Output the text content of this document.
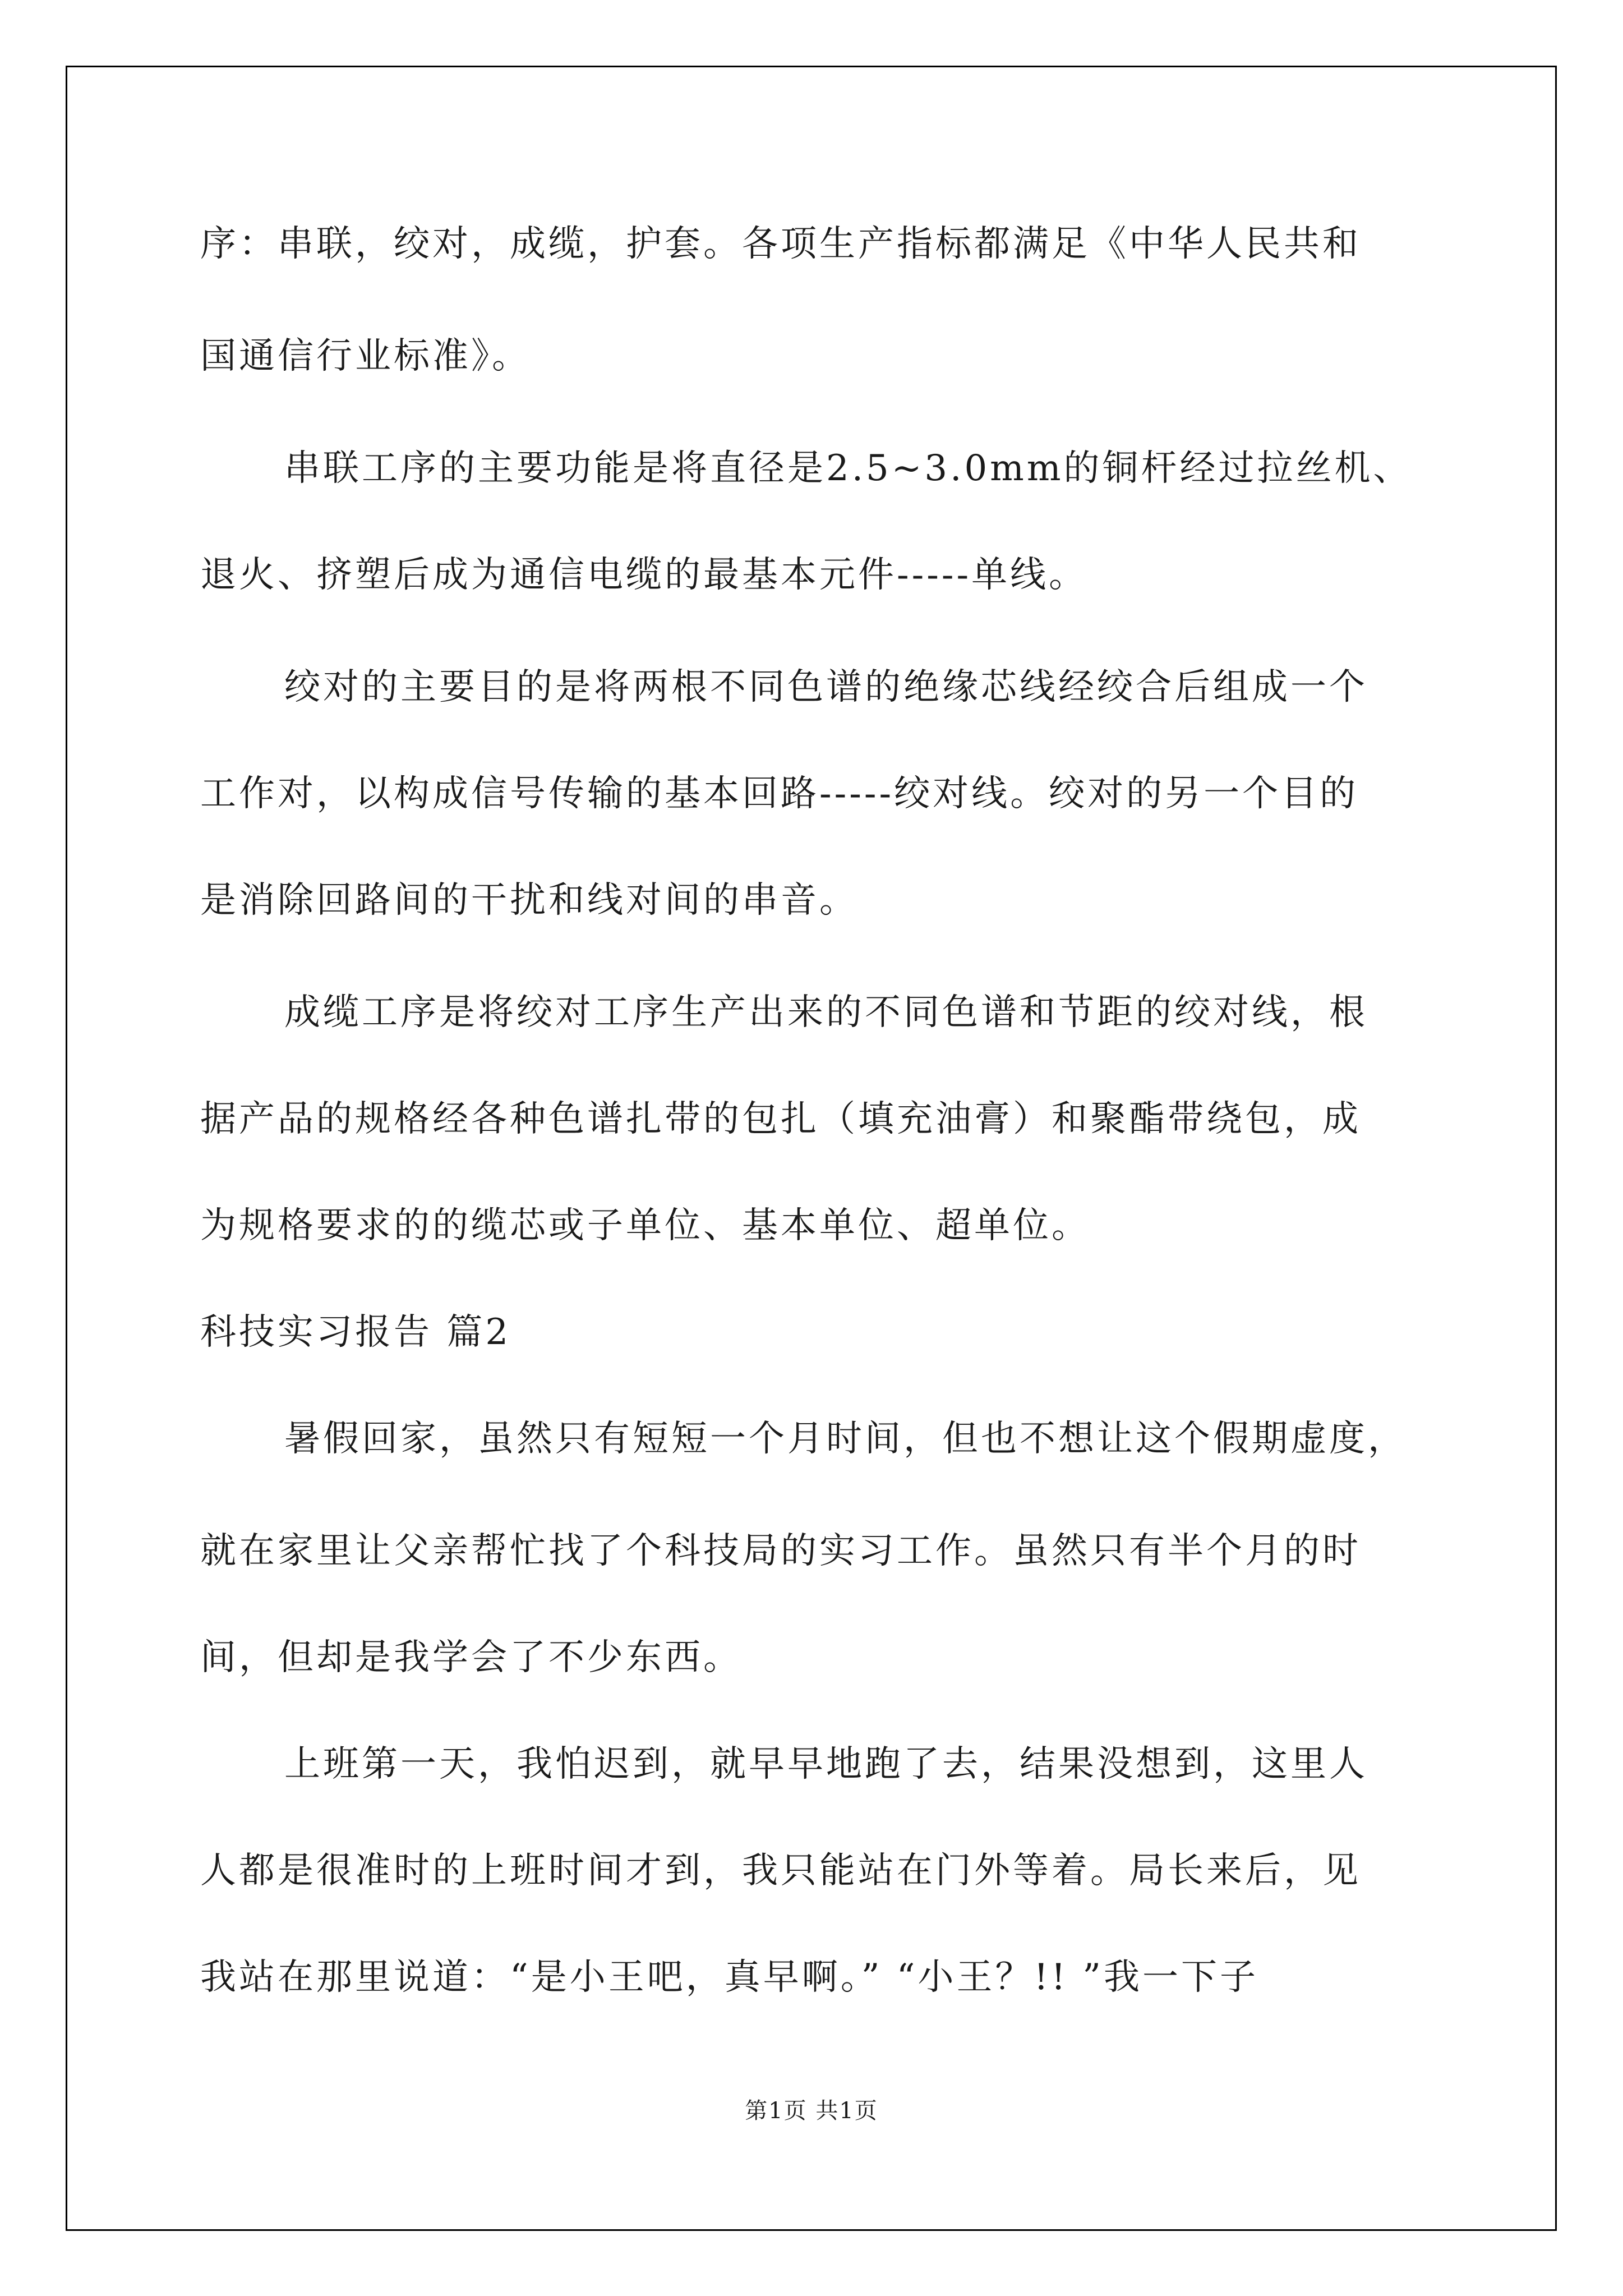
序：串联，绞对，成缆，护套。各项生产指标都满足《中华人民共和
国通信行业标准》。
串联工序的主要功能是将直径是2.5~3.0mm的铜杆经过拉丝机、
退火、挤塑后成为通信电缆的最基本元件-----单线。
绞对的主要目的是将两根不同色谱的绝缘芯线经绞合后组成一个
工作对，以构成信号传输的基本回路-----绞对线。绞对的另一个目的
是消除回路间的干扰和线对间的串音。
成缆工序是将绞对工序生产出来的不同色谱和节距的绞对线，根
据产品的规格经各种色谱扎带的包扎（填充油膏）和聚酯带绕包，成
为规格要求的的缆芯或子单位、基本单位、超单位。
科技实习报告 篇2
暑假回家，虽然只有短短一个月时间，但也不想让这个假期虚度，
就在家里让父亲帮忙找了个科技局的实习工作。虽然只有半个月的时
间，但却是我学会了不少东西。
上班第一天，我怕迟到，就早早地跑了去，结果没想到，这里人
人都是很准时的上班时间才到，我只能站在门外等着。局长来后，见
我站在那里说道：“是小王吧，真早啊。” “小王？!! ”我一下子
第1页 共1页
